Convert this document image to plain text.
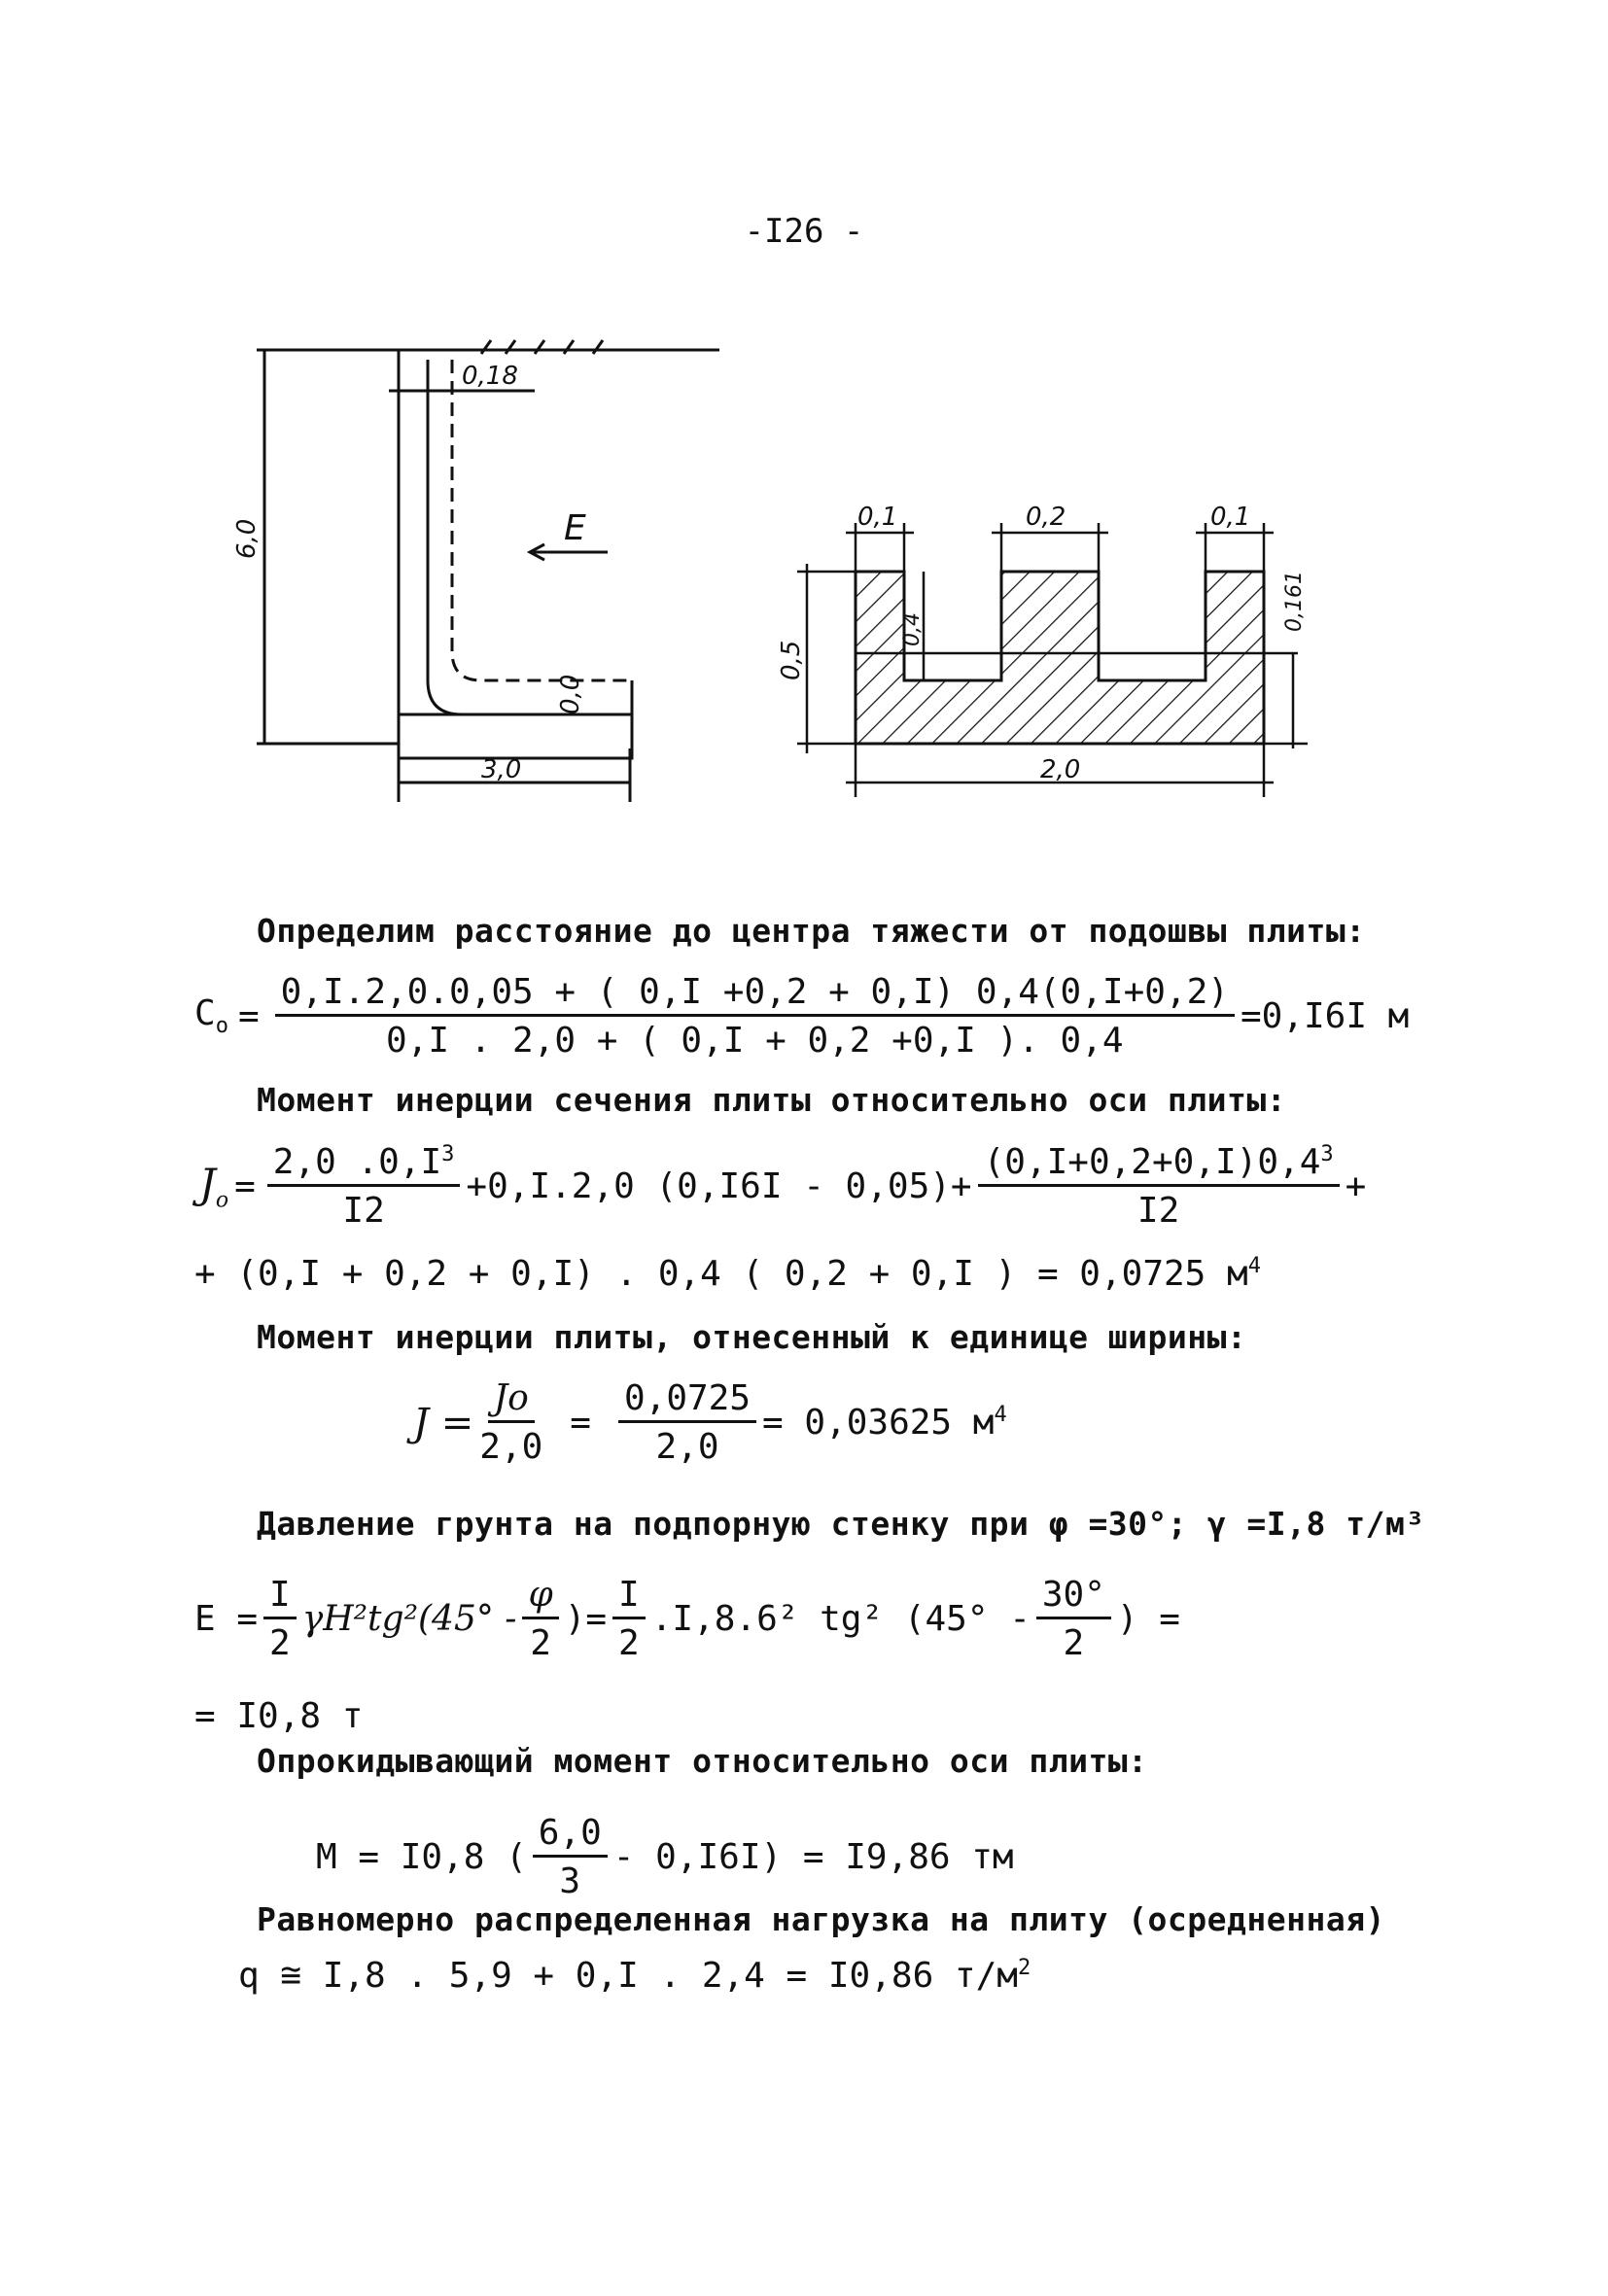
-I26 -
6,0
0,18
0,0
3,0
E	0,1	0,2	0,1
0,5
0,4	0,161
2,0
Определим расстояние до центра тяжести от подошвы плиты:
$С_о = \frac{0,I.2,0.0,05 + ( 0,I +0,2 + 0,I) 0,4(0,I+0,2)}{0,I . 2,0 + ( 0,I + 0,2 +0,I ). 0,4} =0,I6I$ м
Момент инерции сечения плиты относительно оси плиты:
$J_o = \frac{2,0 .0,I^3}{I2} +0,I.2,0$ $(0,I6I - 0,05)+ \frac{(0,I+0,2+0,I)0,4^3}{I2}$ +
+ (0,I + 0,2 + 0,I) . 0,4 ( 0,2 + 0,I ) = 0,0725 $м^4$
Момент инерции плиты, отнесенный к единице ширины:
$J = \frac{Jo}{2,0} = \frac{0,0725}{2,0} = 0,03625$ $м^4$
Давление грунта на подпорную стенку при φ =30°; γ =I,8 т/м³
$Е = \frac{I}{2} \gamma H^2tg^2(45^\circ - \frac{\varphi}{2}$ )= $\frac{I}{2} .I,8.6^2$ tg² ($45^\circ - \frac{30^\circ}{2}$ ) =
= I0,8 т
Опрокидывающий момент относительно оси плиты:
М = I0,8 ( $\frac{6,0}{3} - 0,I6I) = I9,86$ тм
Равномерно распределенная нагрузка на плиту (осредненная)
q ≅ I,8 . 5,9 + 0,I . 2,4 = I0,86 $т/м^2$
